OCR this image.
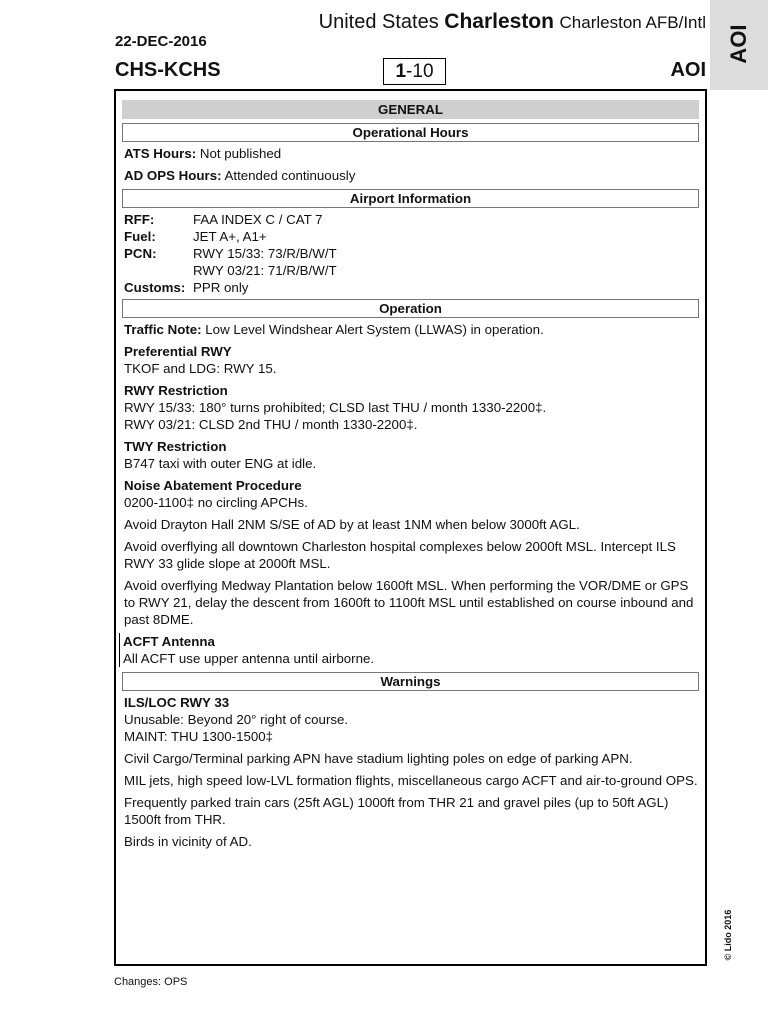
AOI
United States Charleston Charleston AFB/Intl
22-DEC-2016
CHS-KCHS	1-10	AOI
GENERAL
Operational Hours
ATS Hours: Not published
AD OPS Hours: Attended continuously
Airport Information
RFF:	FAA INDEX C / CAT 7
Fuel:	JET A+, A1+
PCN:	RWY 15/33: 73/R/B/W/T
RWY 03/21: 71/R/B/W/T
Customs: PPR only
Operation
Traffic Note: Low Level Windshear Alert System (LLWAS) in operation.
Preferential RWY
TKOF and LDG: RWY 15.
RWY Restriction
RWY 15/33: 180° turns prohibited; CLSD last THU / month 1330-2200‡.
RWY 03/21: CLSD 2nd THU / month 1330-2200‡.
TWY Restriction
B747 taxi with outer ENG at idle.
Noise Abatement Procedure
0200-1100‡ no circling APCHs.
Avoid Drayton Hall 2NM S/SE of AD by at least 1NM when below 3000ft AGL.
Avoid overflying all downtown Charleston hospital complexes below 2000ft MSL. Intercept ILS RWY 33 glide slope at 2000ft MSL.
Avoid overflying Medway Plantation below 1600ft MSL. When performing the VOR/DME or GPS to RWY 21, delay the descent from 1600ft to 1100ft MSL until established on course inbound and past 8DME.
ACFT Antenna
All ACFT use upper antenna until airborne.
Warnings
ILS/LOC RWY 33
Unusable: Beyond 20° right of course.
MAINT: THU 1300-1500‡
Civil Cargo/Terminal parking APN have stadium lighting poles on edge of parking APN.
MIL jets, high speed low-LVL formation flights, miscellaneous cargo ACFT and air-to-ground OPS.
Frequently parked train cars (25ft AGL) 1000ft from THR 21 and gravel piles (up to 50ft AGL) 1500ft from THR.
Birds in vicinity of AD.
Changes: OPS
© Lido 2016
